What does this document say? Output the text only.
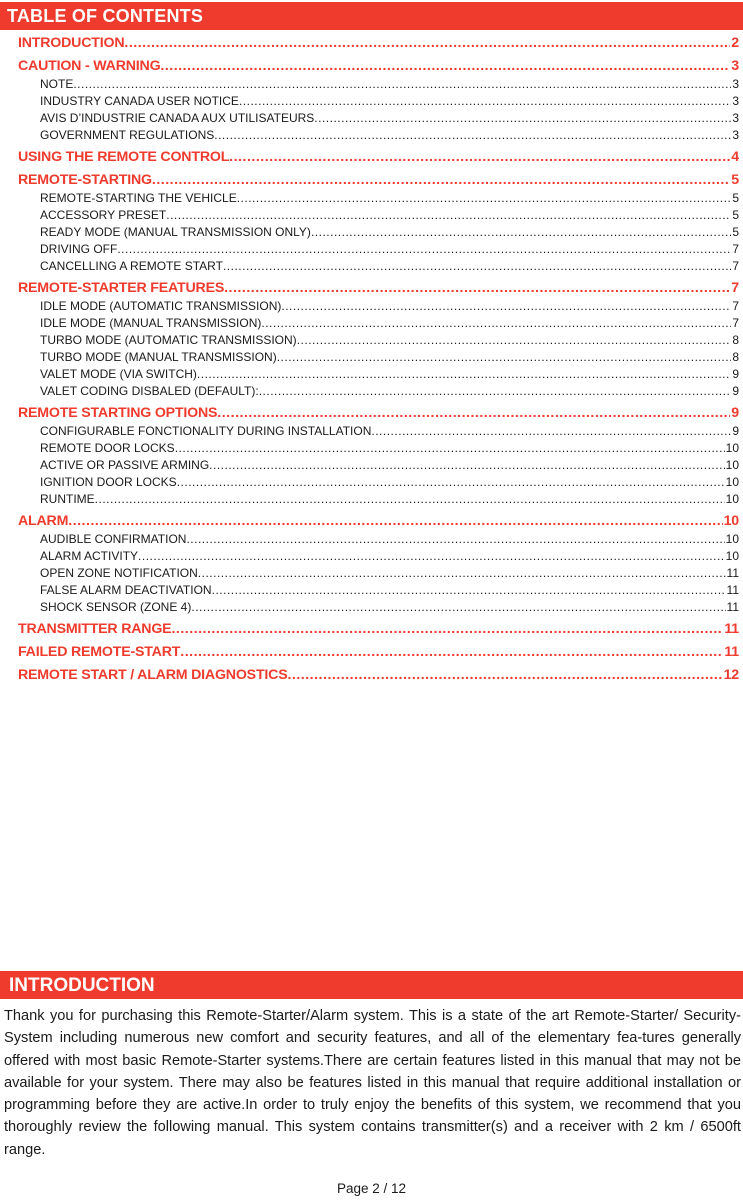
TABLE OF CONTENTS
INTRODUCTION .....	2
CAUTION - WARNING .....	3
NOTE .....	3
INDUSTRY CANADA USER NOTICE .....	3
AVIS D’INDUSTRIE CANADA AUX UTILISATEURS .....	3
GOVERNMENT REGULATIONS .....	3
USING THE REMOTE CONTROL .....	4
REMOTE-STARTING .....	5
REMOTE-STARTING THE VEHICLE .....	5
ACCESSORY PRESET .....	5
READY MODE (MANUAL TRANSMISSION ONLY) .....	5
DRIVING OFF .....	7
CANCELLING A REMOTE START .....	7
REMOTE-STARTER FEATURES .....	7
IDLE MODE (AUTOMATIC TRANSMISSION) .....	7
IDLE MODE (MANUAL TRANSMISSION) .....	7
TURBO MODE (AUTOMATIC TRANSMISSION) .....	8
TURBO MODE (MANUAL TRANSMISSION) .....	8
VALET MODE (VIA SWITCH) .....	9
VALET CODING DISBALED (DEFAULT): .....	9
REMOTE STARTING OPTIONS .....	9
CONFIGURABLE FONCTIONALITY DURING INSTALLATION .....	9
REMOTE DOOR LOCKS .....	10
ACTIVE OR PASSIVE ARMING .....	10
IGNITION DOOR LOCKS .....	10
RUNTIME .....	10
ALARM .....	10
AUDIBLE CONFIRMATION .....	10
ALARM ACTIVITY .....	10
OPEN ZONE NOTIFICATION .....	11
FALSE ALARM DEACTIVATION .....	11
SHOCK SENSOR (ZONE 4) .....	11
TRANSMITTER RANGE .....	11
FAILED REMOTE-START .....	11
REMOTE START / ALARM DIAGNOSTICS .....	12
INTRODUCTION
Thank you for purchasing this Remote-Starter/Alarm system. This is a state of the art Remote-Starter/ Security-System including numerous new comfort and security features, and all of the elementary fea-tures generally offered with most basic Remote-Starter systems.There are certain features listed in this manual that may not be available for your system. There may also be features listed in this manual that require additional installation or programming before they are active.In order to truly enjoy the benefits of this system, we recommend that you thoroughly review the following manual. This system contains transmitter(s) and a receiver with 2 km / 6500ft range.
Page 2 / 12
